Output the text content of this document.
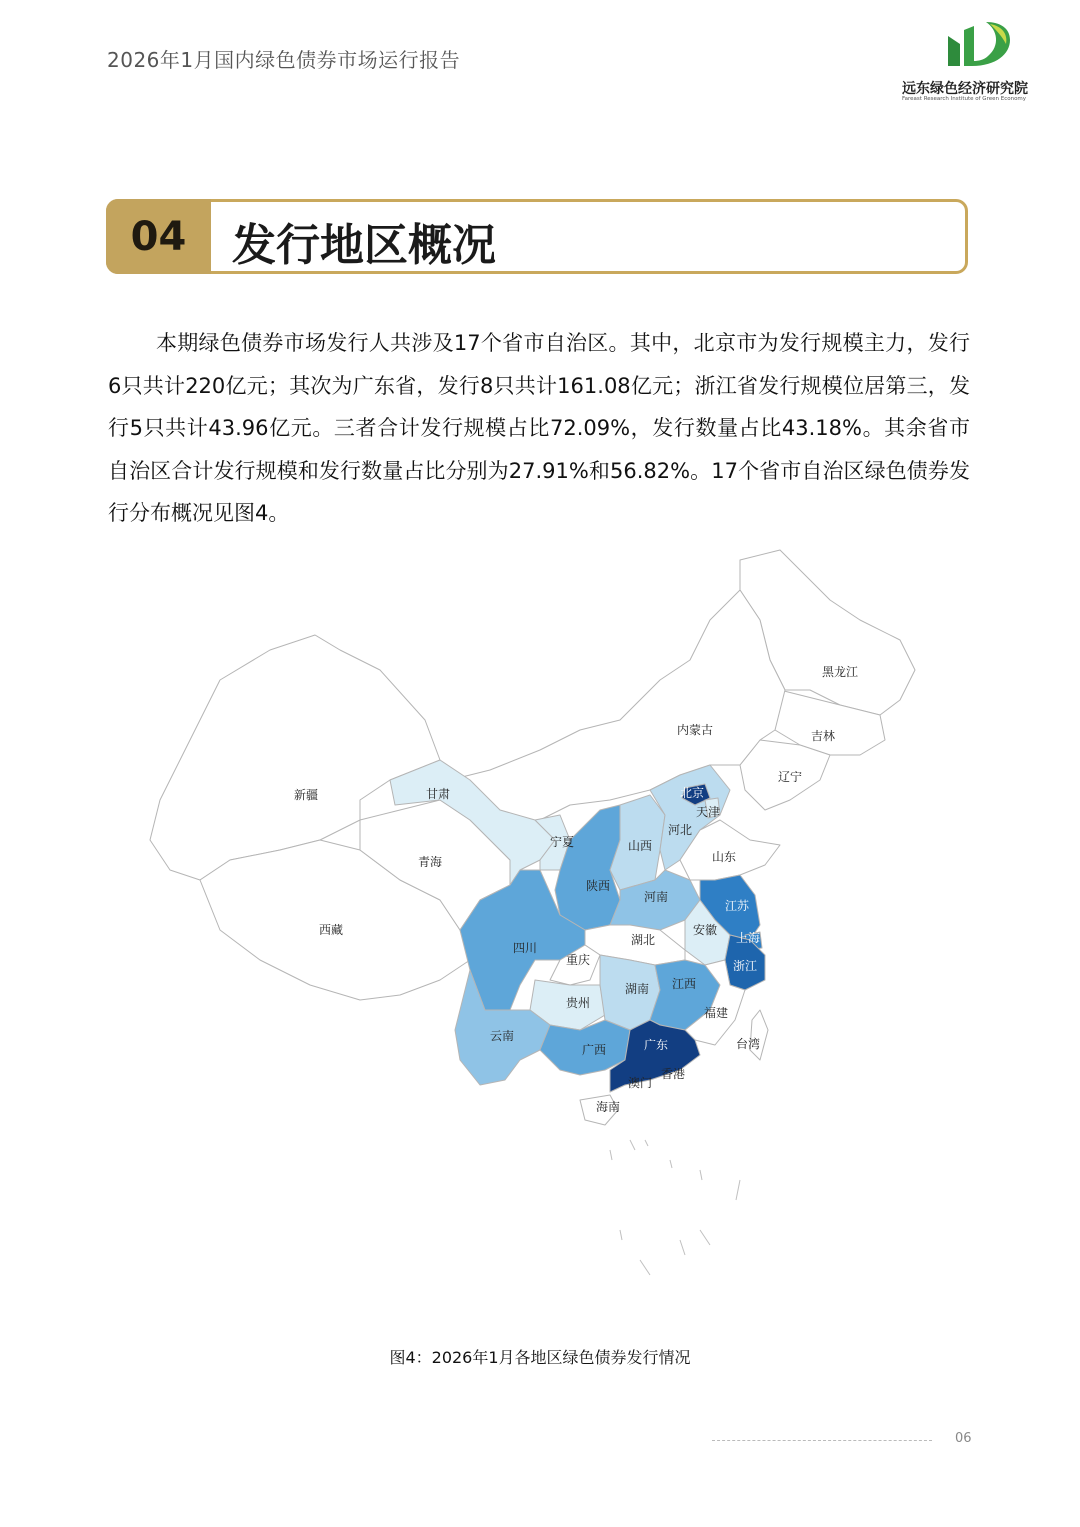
2026年1月国内绿色债券市场运行报告
远东绿色经济研究院
Fareast Research Institute of Green Economy
04	发行地区概况
本期绿色债券市场发行人共涉及17个省市自治区。其中，北京市为发行规模主力，发行6只共计220亿元；其次为广东省，发行8只共计161.08亿元；浙江省发行规模位居第三，发行5只共计43.96亿元。三者合计发行规模占比72.09%，发行数量占比43.18%。其余省市自治区合计发行规模和发行数量占比分别为27.91%和56.82%。17个省市自治区绿色债券发行分布概况见图4。
黑龙江
吉林
辽宁
内蒙古
北京
天津
河北
山西
山东
新疆	甘肃
宁夏
青海
陕西
河南
江苏
安徽
上海
湖北
西藏
四川
重庆	浙江
贵州
湖南 江西
福建
云南
广西	广东	台湾
澳门
香港
海南
图4：2026年1月各地区绿色债券发行情况
06
